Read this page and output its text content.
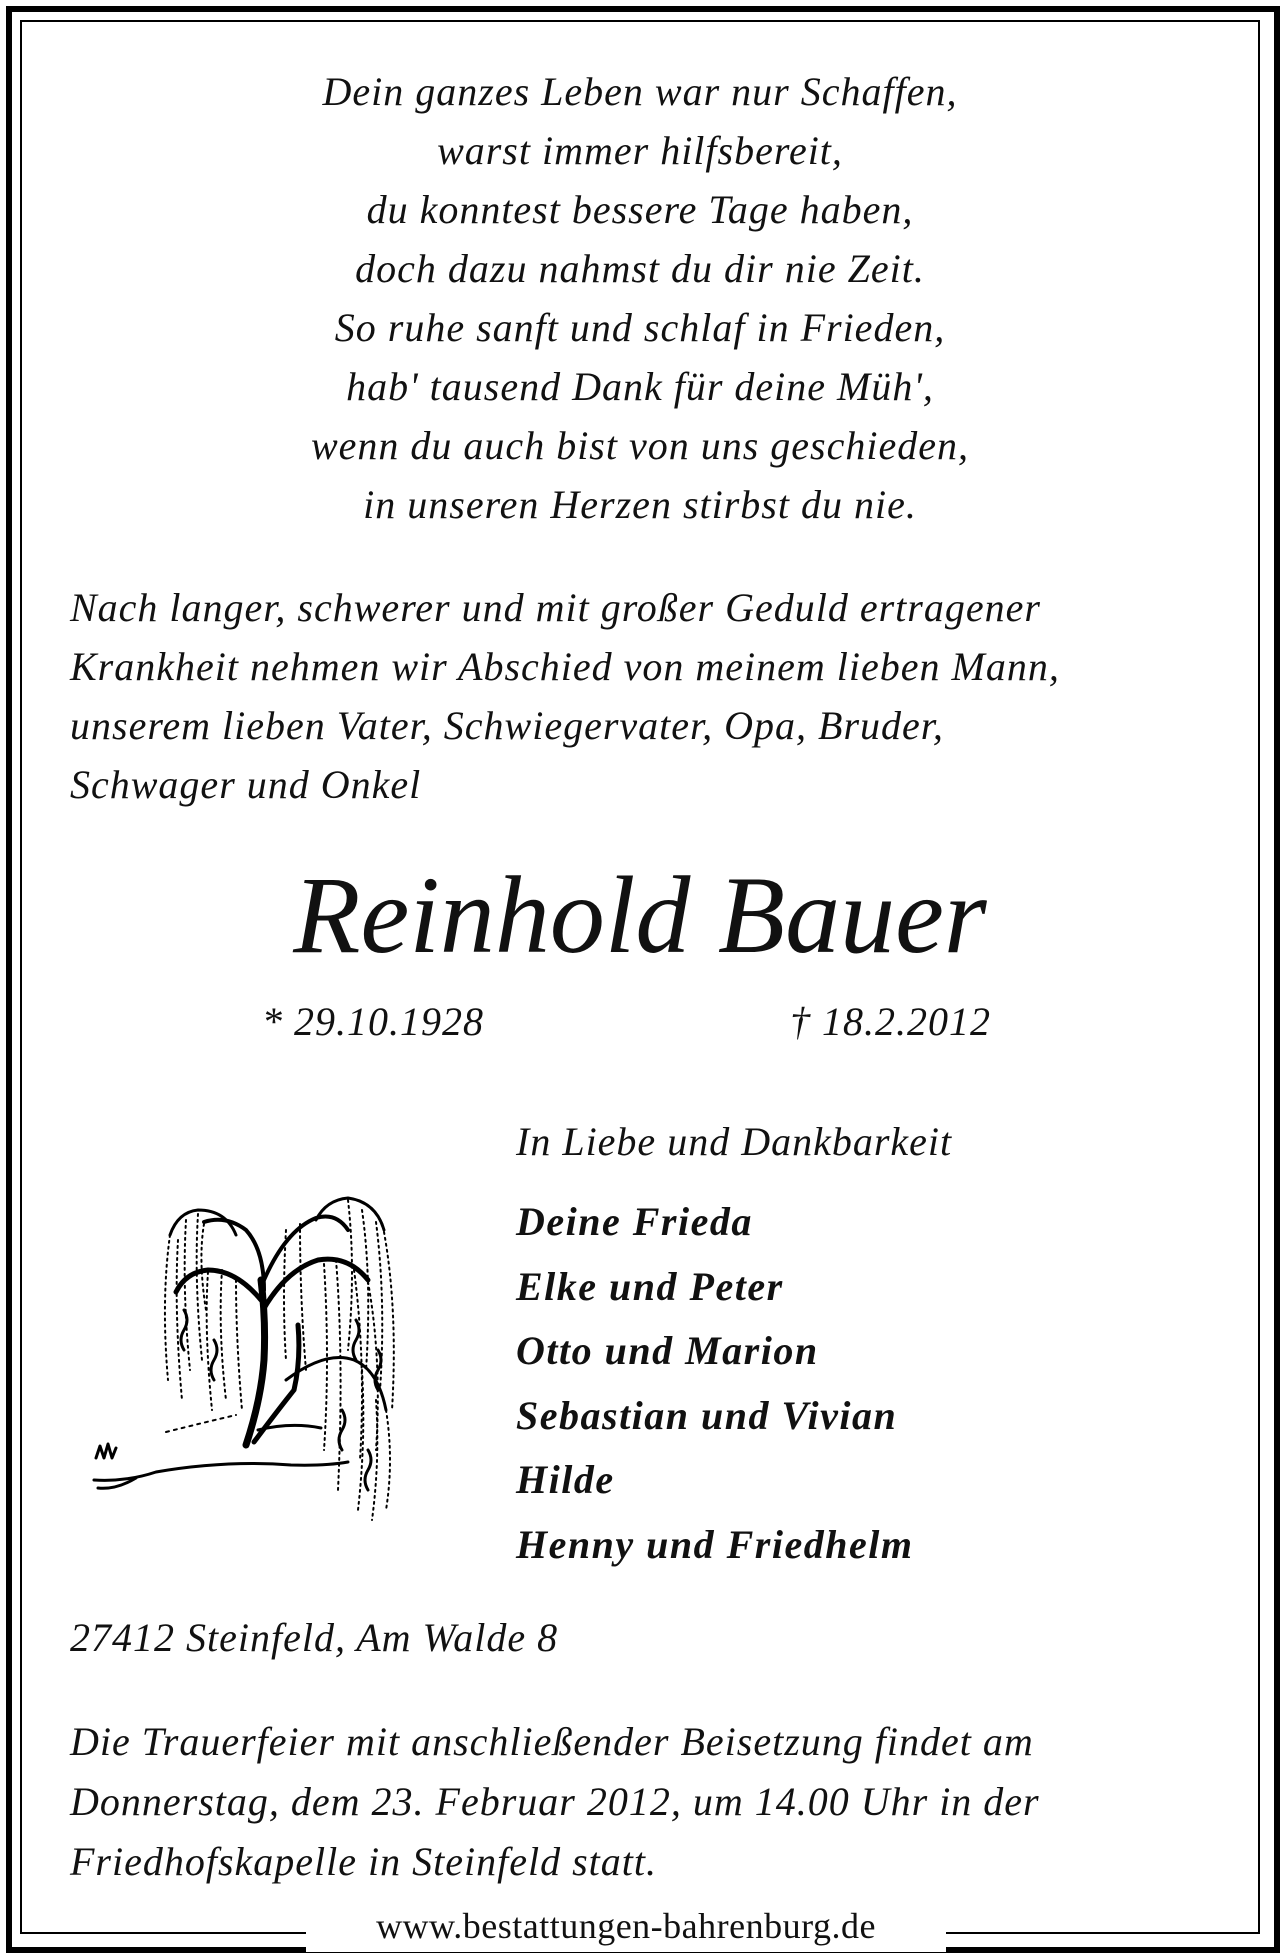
Dein ganzes Leben war nur Schaffen,
warst immer hilfsbereit,
du konntest bessere Tage haben,
doch dazu nahmst du dir nie Zeit.
So ruhe sanft und schlaf in Frieden,
hab' tausend Dank für deine Müh',
wenn du auch bist von uns geschieden,
in unseren Herzen stirbst du nie.
Nach langer, schwerer und mit großer Geduld ertragener
Krankheit nehmen wir Abschied von meinem lieben Mann,
unserem lieben Vater, Schwiegervater, Opa, Bruder,
Schwager und Onkel
Reinhold Bauer
* 29.10.1928	† 18.2.2012
In Liebe und Dankbarkeit
Deine Frieda
Elke und Peter
Otto und Marion
Sebastian und Vivian
Hilde
Henny und Friedhelm
27412 Steinfeld, Am Walde 8
Die Trauerfeier mit anschließender Beisetzung findet am
Donnerstag, dem 23. Februar 2012, um 14.00 Uhr in der
Friedhofskapelle in Steinfeld statt.
www.bestattungen-bahrenburg.de
